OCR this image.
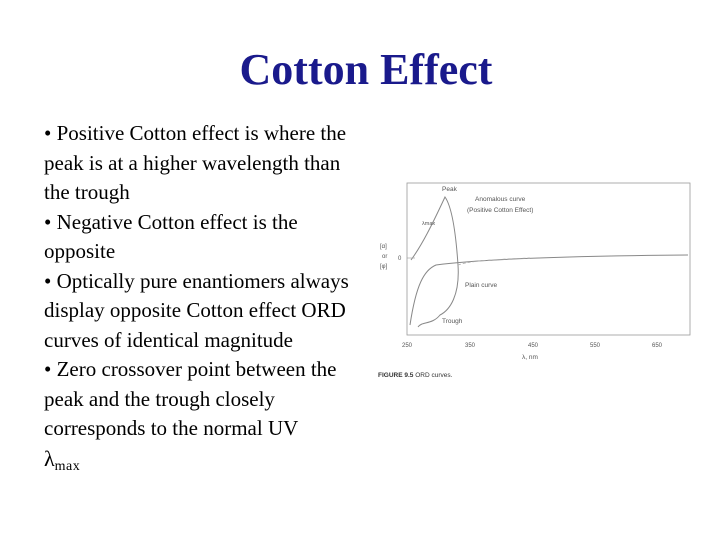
Cotton Effect

• Positive Cotton effect is where the peak is at a higher wavelength than the trough

• Negative Cotton effect is the opposite

• Optically pure enantiomers always display opposite Cotton effect ORD curves of identical magnitude

• Zero crossover point between the peak and the trough closely corresponds to the normal UV

$\lambda_{max}$

Peak
Anomalous curve
(Positive Cotton Effect)
λmax
Plain curve
Trough
0
[α]
or
[φ]
250	350	450	550	650
λ, nm
FIGURE 9.5 ORD curves.
